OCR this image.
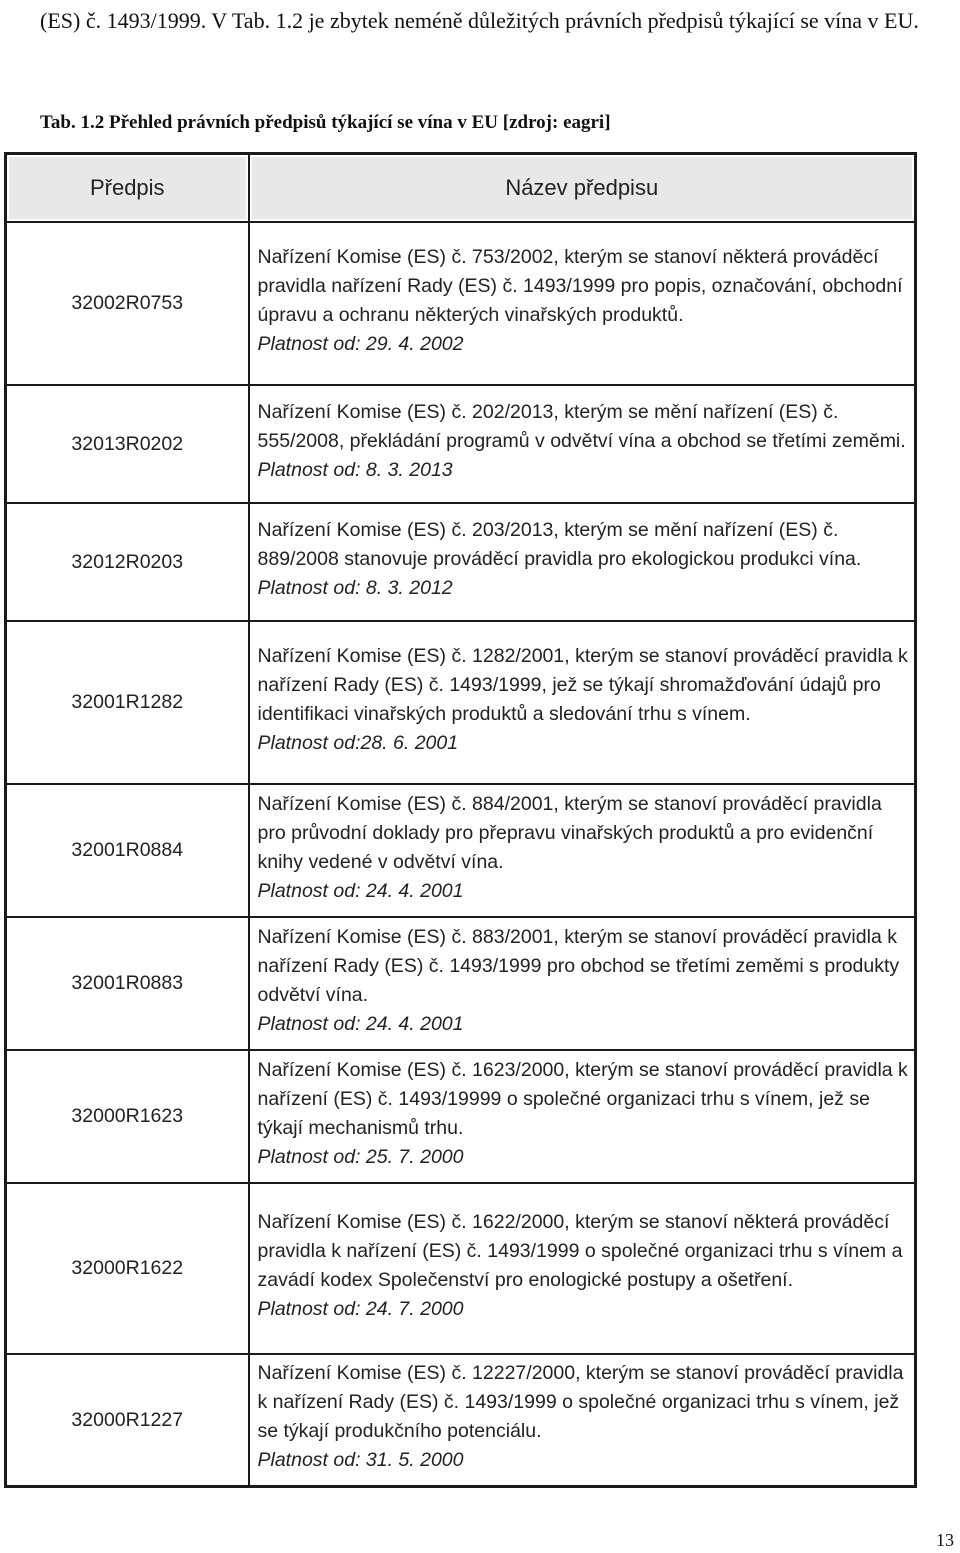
(ES) č. 1493/1999. V Tab. 1.2 je zbytek neméně důležitých právních předpisů týkající se vína v EU.

Tab. 1.2 Přehled právních předpisů týkající se vína v EU [zdroj: eagri]

Předpis	Název předpisu
32002R0753	Nařízení Komise (ES) č. 753/2002, kterým se stanoví některá prováděcí pravidla nařízení Rady (ES) č. 1493/1999 pro popis, označování, obchodní úpravu a ochranu některých vinařských produktů.
Platnost od: 29. 4. 2002

32013R0202	Nařízení Komise (ES) č. 202/2013, kterým se mění nařízení (ES) č. 555/2008, překládání programů v odvětví vína a obchod se třetími zeměmi.
Platnost od: 8. 3. 2013

32012R0203	Nařízení Komise (ES) č. 203/2013, kterým se mění nařízení (ES) č. 889/2008 stanovuje prováděcí pravidla pro ekologickou produkci vína.
Platnost od: 8. 3. 2012

32001R1282	Nařízení Komise (ES) č. 1282/2001, kterým se stanoví prováděcí pravidla k nařízení Rady (ES) č. 1493/1999, jež se týkají shromažďování údajů pro identifikaci vinařských produktů a sledování trhu s vínem.
Platnost od:28. 6. 2001

32001R0884	Nařízení Komise (ES) č. 884/2001, kterým se stanoví prováděcí pravidla pro průvodní doklady pro přepravu vinařských produktů a pro evidenční knihy vedené v odvětví vína.
Platnost od: 24. 4. 2001

32001R0883	Nařízení Komise (ES) č. 883/2001, kterým se stanoví prováděcí pravidla k nařízení Rady (ES) č. 1493/1999 pro obchod se třetími zeměmi s produkty odvětví vína.
Platnost od: 24. 4. 2001

32000R1623	Nařízení Komise (ES) č. 1623/2000, kterým se stanoví prováděcí pravidla k nařízení (ES) č. 1493/19999 o společné organizaci trhu s vínem, jež se týkají mechanismů trhu.
Platnost od: 25. 7. 2000

32000R1622	Nařízení Komise (ES) č. 1622/2000, kterým se stanoví některá prováděcí pravidla k nařízení (ES) č. 1493/1999 o společné organizaci trhu s vínem a zavádí kodex Společenství pro enologické postupy a ošetření.
Platnost od: 24. 7. 2000

32000R1227	Nařízení Komise (ES) č. 12227/2000, kterým se stanoví prováděcí pravidla k nařízení Rady (ES) č. 1493/1999 o společné organizaci trhu s vínem, jež se týkají produkčního potenciálu.
Platnost od: 31. 5. 2000
13
